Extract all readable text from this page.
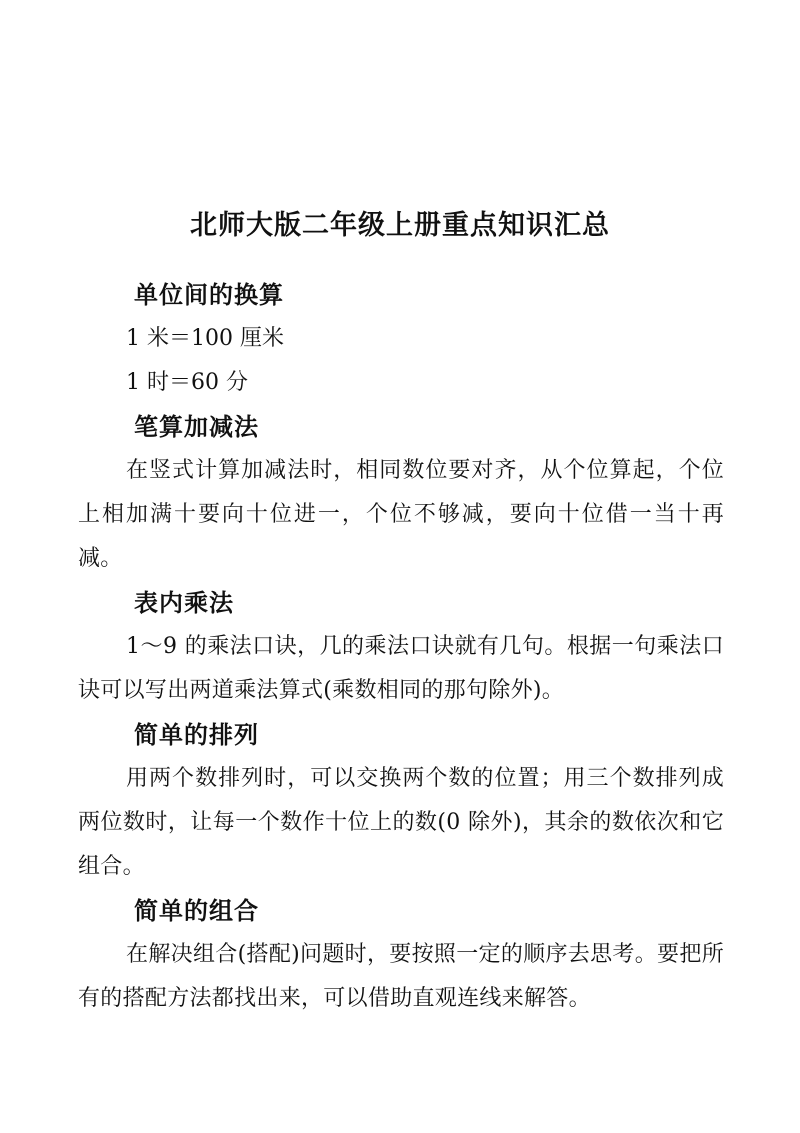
北师大版二年级上册重点知识汇总
单位间的换算

1 米＝100 厘米

1 时＝60 分

笔算加减法

在竖式计算加减法时，相同数位要对齐，从个位算起，个位上相加满十要向十位进一，个位不够减，要向十位借一当十再减。

表内乘法

1～9 的乘法口诀，几的乘法口诀就有几句。根据一句乘法口诀可以写出两道乘法算式(乘数相同的那句除外)。

简单的排列

用两个数排列时，可以交换两个数的位置；用三个数排列成两位数时，让每一个数作十位上的数(0 除外)，其余的数依次和它组合。

简单的组合

在解决组合(搭配)问题时，要按照一定的顺序去思考。要把所有的搭配方法都找出来，可以借助直观连线来解答。
